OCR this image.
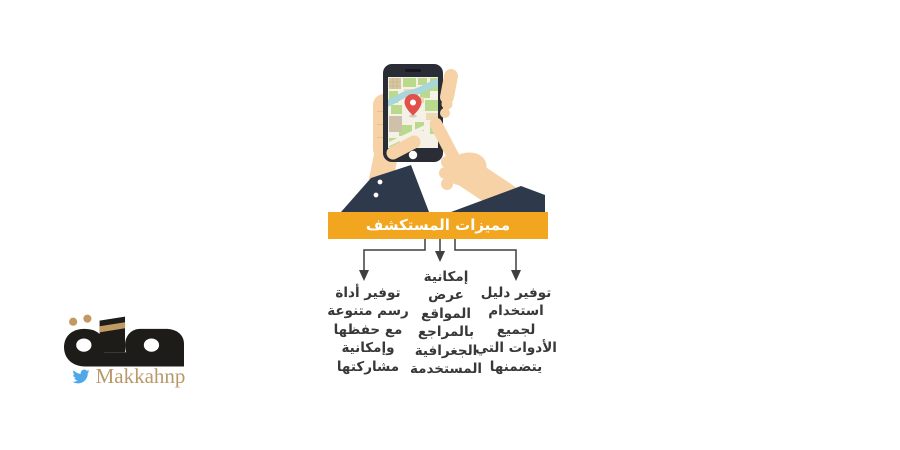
مميزات المستكشف
توفير أداة
رسم متنوعة
مع حفظها
وإمكانية
مشاركتها
إمكانية
عرض
المواقع
بالمراجع
الجغرافية
المستخدمة
توفير دليل
استخدام
لجميع
الأدوات التي
يتضمنها
Makkahnp
